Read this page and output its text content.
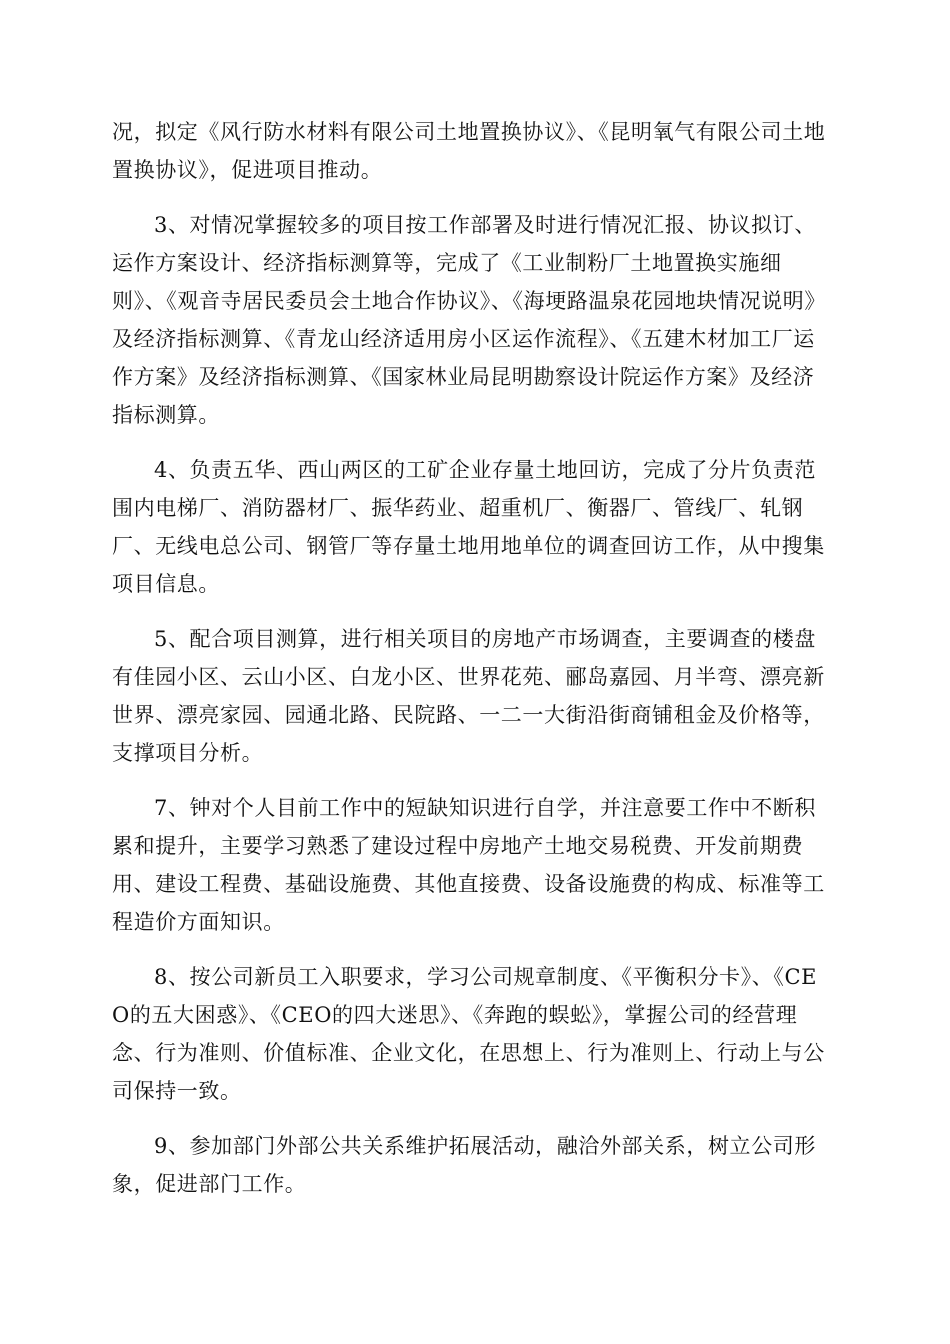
况，拟定《风行防水材料有限公司土地置换协议》、《昆明氧气有限公司土地置换协议》，促进项目推动。

3、对情况掌握较多的项目按工作部署及时进行情况汇报、协议拟订、运作方案设计、经济指标测算等，完成了《工业制粉厂土地置换实施细则》、《观音寺居民委员会土地合作协议》、《海埂路温泉花园地块情况说明》及经济指标测算、《青龙山经济适用房小区运作流程》、《五建木材加工厂运作方案》及经济指标测算、《国家林业局昆明勘察设计院运作方案》及经济指标测算。

4、负责五华、西山两区的工矿企业存量土地回访，完成了分片负责范围内电梯厂、消防器材厂、振华药业、超重机厂、衡器厂、管线厂、轧钢厂、无线电总公司、钢管厂等存量土地用地单位的调查回访工作，从中搜集项目信息。

5、配合项目测算，进行相关项目的房地产市场调查，主要调查的楼盘有佳园小区、云山小区、白龙小区、世界花苑、郦岛嘉园、月半弯、漂亮新世界、漂亮家园、园通北路、民院路、一二一大街沿街商铺租金及价格等，支撑项目分析。

7、钟对个人目前工作中的短缺知识进行自学，并注意要工作中不断积累和提升，主要学习熟悉了建设过程中房地产土地交易税费、开发前期费用、建设工程费、基础设施费、其他直接费、设备设施费的构成、标准等工程造价方面知识。

8、按公司新员工入职要求，学习公司规章制度、《平衡积分卡》、《CEO的五大困惑》、《CEO的四大迷思》、《奔跑的蜈蚣》，掌握公司的经营理念、行为准则、价值标准、企业文化，在思想上、行为准则上、行动上与公司保持一致。

9、参加部门外部公共关系维护拓展活动，融洽外部关系，树立公司形象，促进部门工作。
